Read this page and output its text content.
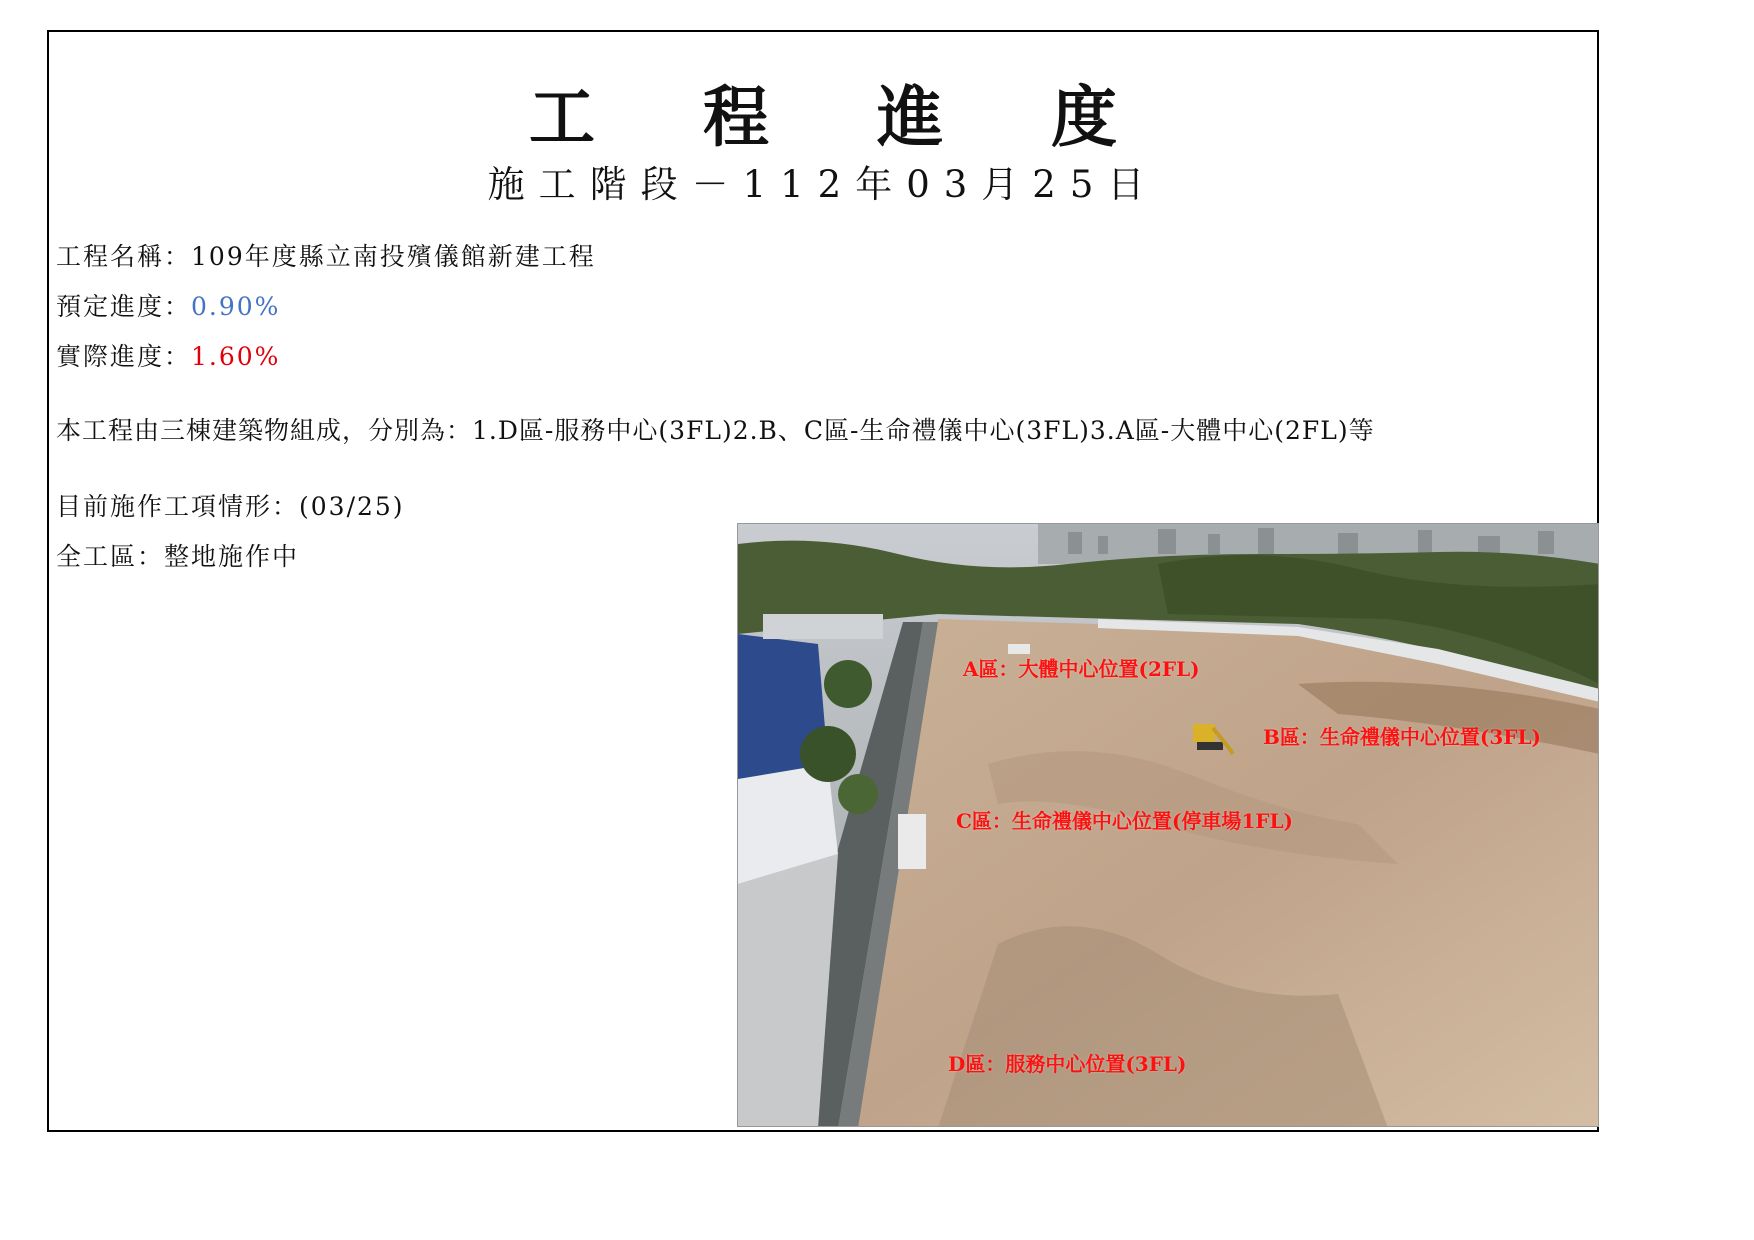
工程進度
施工階段－112年03月25日
工程名稱：109年度縣立南投殯儀館新建工程
預定進度：0.90%
實際進度：1.60%
本工程由三棟建築物組成，分別為：1.D區-服務中心(3FL)2.B、C區-生命禮儀中心(3FL)3.A區-大體中心(2FL)等
目前施作工項情形：(03/25)
全工區：整地施作中
A區：大體中心位置(2FL)
B區：生命禮儀中心位置(3FL)
C區：生命禮儀中心位置(停車場1FL)
D區：服務中心位置(3FL)
